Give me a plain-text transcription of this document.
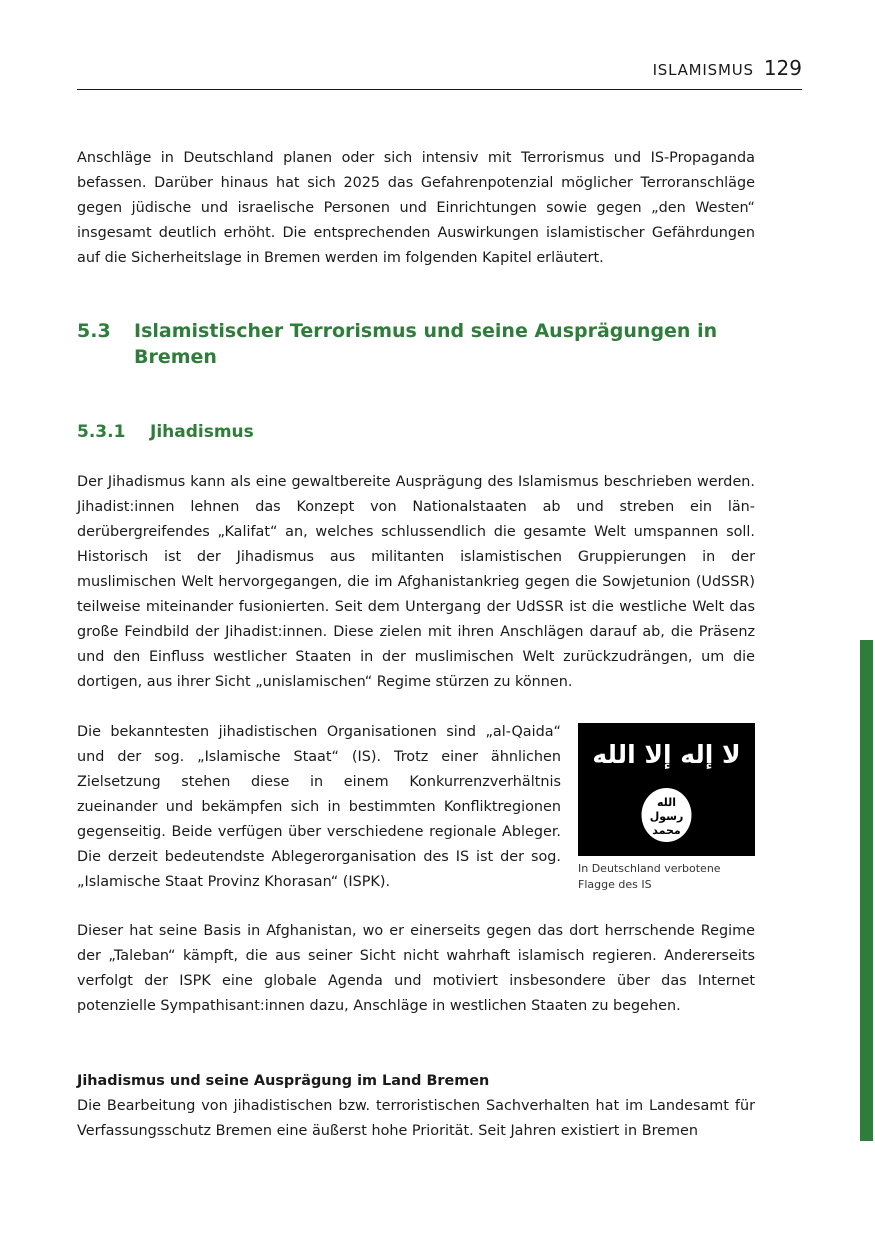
ISLAMISMUS 129

Anschläge in Deutschland planen oder sich intensiv mit Terrorismus und IS-Propaganda befassen. Darüber hinaus hat sich 2025 das Gefahrenpotenzial möglicher Terroranschläge gegen jüdische und israelische Personen und Einrichtungen sowie gegen „den Westen“ insgesamt deutlich erhöht. Die entsprechenden Auswirkungen islamistischer Gefährdungen auf die Sicherheitslage in Bremen werden im folgenden Kapitel erläutert.

5.3	Islamistischer Terrorismus und seine Ausprägungen in Bremen
5.3.1	Jihadismus

Der Jihadismus kann als eine gewaltbereite Ausprägung des Islamismus beschrieben werden. Jihadist:innen lehnen das Konzept von Nationalstaaten ab und streben ein länderübergreifendes „Kalifat“ an, welches schlussendlich die gesamte Welt umspannen soll. Historisch ist der Jihadismus aus militanten islamistischen Gruppierungen in der muslimischen Welt hervorgegangen, die im Afghanistankrieg gegen die Sowjetunion (UdSSR) teilweise miteinander fusionierten. Seit dem Untergang der UdSSR ist die westliche Welt das große Feindbild der Jihadist:innen. Diese zielen mit ihren Anschlägen darauf ab, die Präsenz und den Einfluss westlicher Staaten in der muslimischen Welt zurückzudrängen, um die dortigen, aus ihrer Sicht „unislamischen“ Regime stürzen zu können.

Die bekanntesten jihadistischen Organisationen sind „al-Qaida“ und der sog. „Islamische Staat“ (IS). Trotz einer ähnlichen Zielsetzung stehen diese in einem Konkurrenzverhältnis zueinander und bekämpfen sich in bestimmten Konfliktregionen gegenseitig. Beide verfügen über verschiedene regionale Ableger. Die derzeit bedeutendste Ablegerorganisation des IS ist der sog. „Islamische Staat Provinz Khorasan“ (ISPK).

لا إله إلا الله
الله
رسول
محمد
In Deutschland verbotene Flagge des IS

Dieser hat seine Basis in Afghanistan, wo er einerseits gegen das dort herrschende Regime der „Taleban“ kämpft, die aus seiner Sicht nicht wahrhaft islamisch regieren. Andererseits verfolgt der ISPK eine globale Agenda und motiviert insbesondere über das Internet potenzielle Sympathisant:innen dazu, Anschläge in westlichen Staaten zu begehen.

Jihadismus und seine Ausprägung im Land Bremen

Die Bearbeitung von jihadistischen bzw. terroristischen Sachverhalten hat im Landesamt für Verfassungsschutz Bremen eine äußerst hohe Priorität. Seit Jahren existiert in Bremen
